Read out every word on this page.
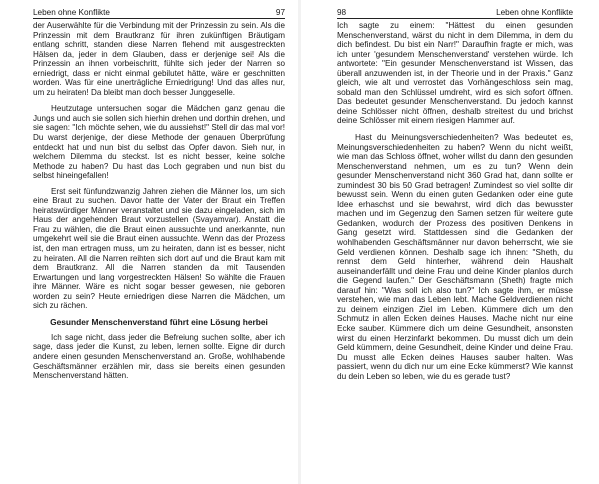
Leben ohne Konflikte	97

der Auserwählte für die Verbindung mit der Prinzessin zu sein. Als die Prinzessin mit dem Brautkranz für ihren zukünftigen Bräutigam entlang schritt, standen diese Narren flehend mit ausgestreckten Hälsen da, jeder in dem Glauben, dass er derjenige sei! Als die Prinzessin an ihnen vorbeischritt, fühlte sich jeder der Narren so erniedrigt, dass er nicht einmal gebilutet hätte, wäre er geschnitten worden. Was für eine unerträgliche Erniedrigung! Und das alles nur, um zu heiraten! Da bleibt man doch besser Junggeselle.

Heutzutage untersuchen sogar die Mädchen ganz genau die Jungs und auch sie sollen sich hierhin drehen und dorthin drehen, und sie sagen: "Ich möchte sehen, wie du aussiehst!" Stell dir das mal vor! Du warst derjenige, der diese Methode der genauen Überprüfung entdeckt hat und nun bist du selbst das Opfer davon. Sieh nur, in welchem Dilemma du steckst. Ist es nicht besser, keine solche Methode zu haben? Du hast das Loch gegraben und nun bist du selbst hineingefallen!

Erst seit fünfundzwanzig Jahren ziehen die Männer los, um sich eine Braut zu suchen. Davor hatte der Vater der Braut ein Treffen heiratswürdiger Männer veranstaltet und sie dazu eingeladen, sich im Haus der angehenden Braut vorzustellen (Svayamvar). Anstatt die Frau zu wählen, die die Braut einen aussuchte und anerkannte, nun umgekehrt weil sie die Braut einen aussuchte. Wenn das der Prozess ist, den man ertragen muss, um zu heiraten, dann ist es besser, nicht zu heiraten. All die Narren reihten sich dort auf und die Braut kam mit dem Brautkranz. All die Narren standen da mit Tausenden Erwartungen und lang vorgestreckten Hälsen! So wählte die Frauen ihre Männer. Wäre es nicht sogar besser gewesen, nie geboren worden zu sein? Heute erniedrigen diese Narren die Mädchen, um sich zu rächen.

Gesunder Menschenverstand führt eine Lösung herbei

Ich sage nicht, dass jeder die Befreiung suchen sollte, aber ich sage, dass jeder die Kunst, zu leben, lernen sollte. Eigne dir durch andere einen gesunden Menschenverstand an. Große, wohlhabende Geschäftsmänner erzählen mir, dass sie bereits einen gesunden Menschenverstand hätten.

98	Leben ohne Konflikte

Ich sagte zu einem: "Hättest du einen gesunden Menschenverstand, wärst du nicht in dem Dilemma, in dem du dich befindest. Du bist ein Narr!" Daraufhin fragte er mich, was ich unter 'gesundem Menschenverstand' verstehen würde. Ich antwortete: "Ein gesunder Menschenverstand ist Wissen, das überall anzuwenden ist, in der Theorie und in der Praxis." Ganz gleich, wie alt und verrostet das Vorhängeschloss sein mag, sobald man den Schlüssel umdreht, wird es sich sofort öffnen. Das bedeutet gesunder Menschenverstand. Du jedoch kannst deine Schlösser nicht öffnen, deshalb streitest du und brichst deine Schlösser mit einem riesigen Hammer auf.

Hast du Meinungsverschiedenheiten? Was bedeutet es, Meinungsverschiedenheiten zu haben? Wenn du nicht weißt, wie man das Schloss öffnet, woher willst du dann den gesunden Menschenverstand nehmen, um es zu tun? Wenn dein gesunder Menschenverstand nicht 360 Grad hat, dann sollte er zumindest 30 bis 50 Grad betragen! Zumindest so viel sollte dir bewusst sein. Wenn du einen guten Gedanken oder eine gute Idee erhaschst und sie bewahrst, wird dich das bewusster machen und im Gegenzug den Samen setzen für weitere gute Gedanken, wodurch der Prozess des positiven Denkens in Gang gesetzt wird. Stattdessen sind die Gedanken der wohlhabenden Geschäftsmänner nur davon beherrscht, wie sie Geld verdienen können. Deshalb sage ich ihnen: "Sheth, du rennst dem Geld hinterher, während dein Haushalt auseinanderfällt und deine Frau und deine Kinder planlos durch die Gegend laufen." Der Geschäftsmann (Sheth) fragte mich darauf hin: "Was soll ich also tun?" Ich sagte ihm, er müsse verstehen, wie man das Leben lebt. Mache Geldverdienen nicht zu deinem einzigen Ziel im Leben. Kümmere dich um den Schmutz in allen Ecken deines Hauses. Mache nicht nur eine Ecke sauber. Kümmere dich um deine Gesundheit, ansonsten wirst du einen Herzinfarkt bekommen. Du musst dich um dein Geld kümmern, deine Gesundheit, deine Kinder und deine Frau. Du musst alle Ecken deines Hauses sauber halten. Was passiert, wenn du dich nur um eine Ecke kümmerst? Wie kannst du dein Leben so leben, wie du es gerade tust?
